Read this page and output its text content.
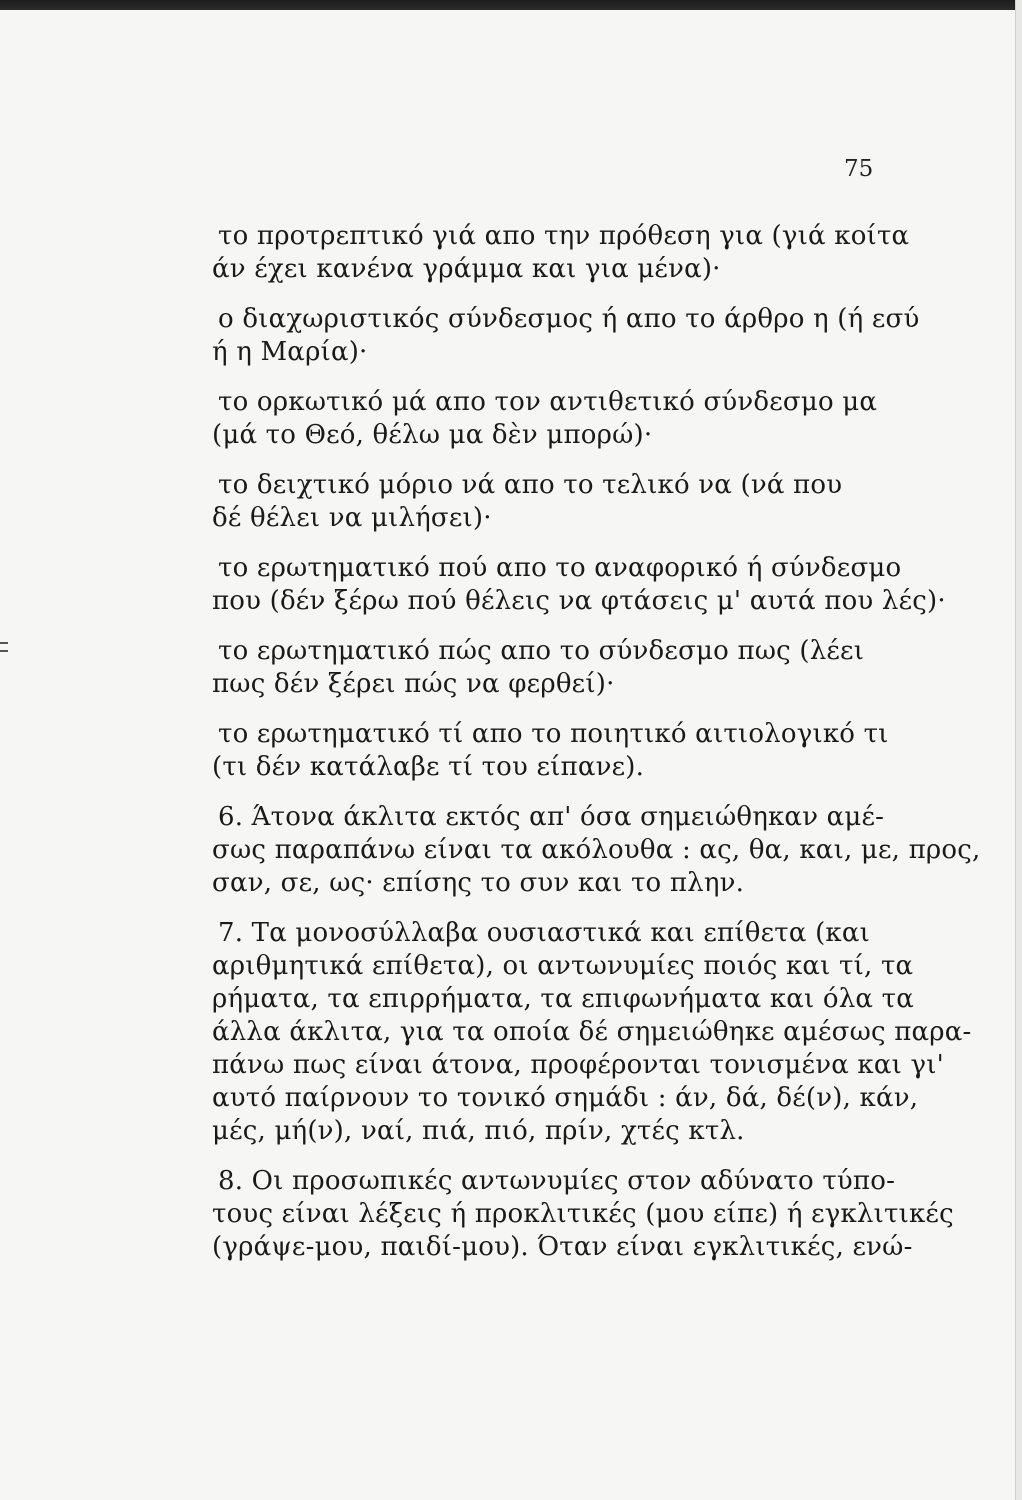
75

το προτρεπτικό γιά απο την πρόθεση για (γιά κοίτα
άν έχει κανένα γράμμα και για μένα)·

ο διαχωριστικός σύνδεσμος ή απο το άρθρο η (ή εσύ
ή η Μαρία)·

το ορκωτικό μά απο τον αντιθετικό σύνδεσμο μα
(μά το Θεό, θέλω μα δὲν μπορώ)·

το δειχτικό μόριο νά απο το τελικό να (νά που
δέ θέλει να μιλήσει)·

το ερωτηματικό πού απο το αναφορικό ή σύνδεσμο
που (δέν ξέρω πού θέλεις να φτάσεις μ' αυτά που λές)·

το ερωτηματικό πώς απο το σύνδεσμο πως (λέει
πως δέν ξέρει πώς να φερθεί)·

το ερωτηματικό τί απο το ποιητικό αιτιολογικό τι
(τι δέν κατάλαβε τί του είπανε).

6. Άτονα άκλιτα εκτός απ' όσα σημειώθηκαν αμέ-
σως παραπάνω είναι τα ακόλουθα : ας, θα, και, με, προς,
σαν, σε, ως· επίσης το συν και το πλην.

7. Τα μονοσύλλαβα ουσιαστικά και επίθετα (και
αριθμητικά επίθετα), οι αντωνυμίες ποιός και τί, τα
ρήματα, τα επιρρήματα, τα επιφωνήματα και όλα τα
άλλα άκλιτα, για τα οποία δέ σημειώθηκε αμέσως παρα-
πάνω πως είναι άτονα, προφέρονται τονισμένα και γι'
αυτό παίρνουν το τονικό σημάδι : άν, δά, δέ(ν), κάν,
μές, μή(ν), ναί, πιά, πιό, πρίν, χτές κτλ.

8. Οι προσωπικές αντωνυμίες στον αδύνατο τύπο-
τους είναι λέξεις ή προκλιτικές (μου είπε) ή εγκλιτικές
(γράψε-μου, παιδί-μου). Όταν είναι εγκλιτικές, ενώ-
